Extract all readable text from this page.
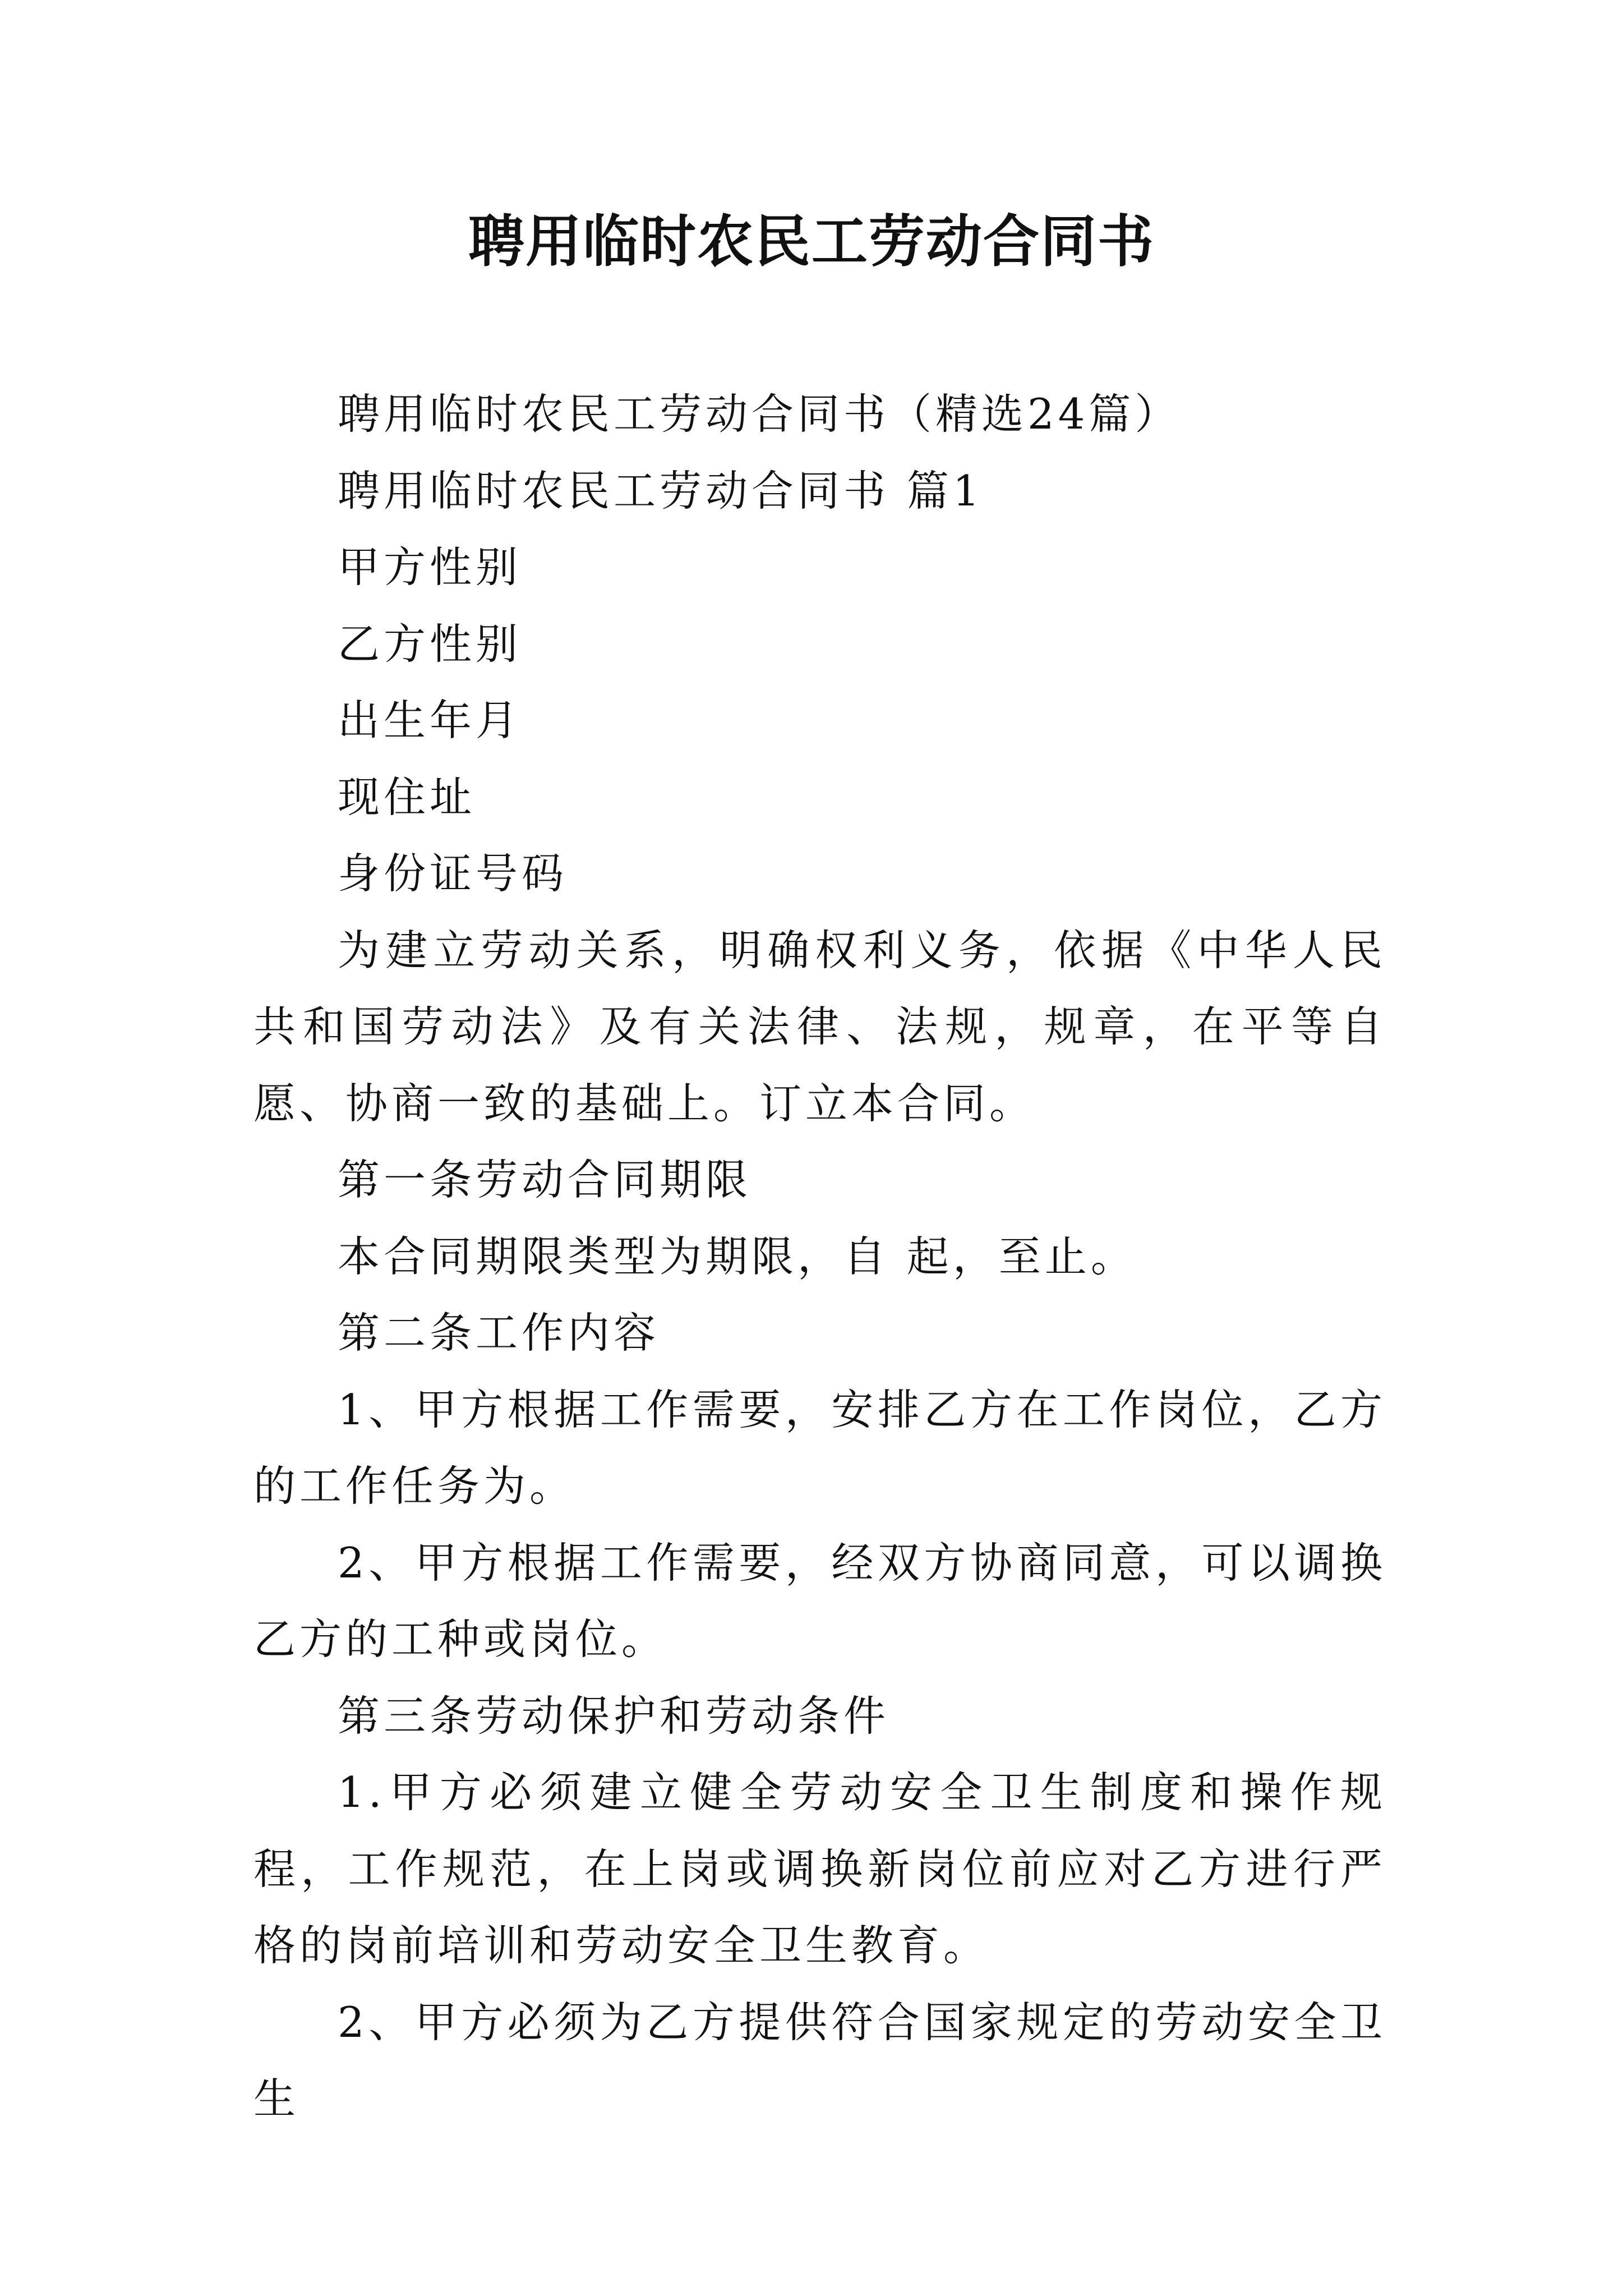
聘用临时农民工劳动合同书

聘用临时农民工劳动合同书（精选24篇）

聘用临时农民工劳动合同书 篇1

甲方性别

乙方性别

出生年月

现住址

身份证号码

为建立劳动关系，明确权利义务，依据《中华人民共和国劳动法》及有关法律、法规，规章，在平等自愿、协商一致的基础上。订立本合同。

第一条劳动合同期限

本合同期限类型为期限，自 起，至止。

第二条工作内容

1、甲方根据工作需要，安排乙方在工作岗位，乙方的工作任务为。

2、甲方根据工作需要，经双方协商同意，可以调换乙方的工种或岗位。

第三条劳动保护和劳动条件

1.甲方必须建立健全劳动安全卫生制度和操作规程，工作规范，在上岗或调换新岗位前应对乙方进行严格的岗前培训和劳动安全卫生教育。

2、甲方必须为乙方提供符合国家规定的劳动安全卫生
